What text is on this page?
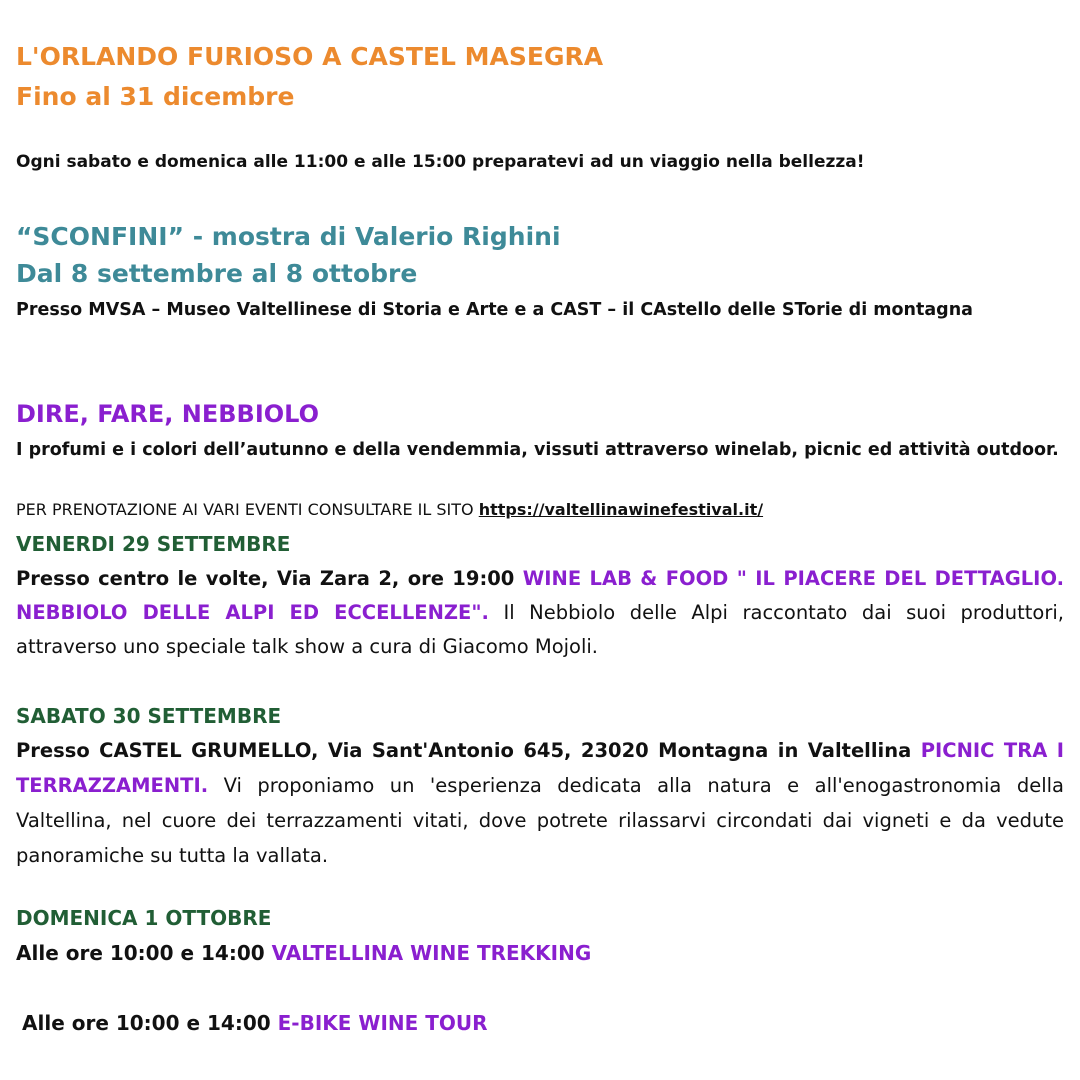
L'ORLANDO FURIOSO A CASTEL MASEGRA
Fino al 31 dicembre
Ogni sabato e domenica alle 11:00 e alle 15:00 preparatevi ad un viaggio nella bellezza!
“SCONFINI” - mostra di Valerio Righini
Dal 8 settembre al 8 ottobre
Presso MVSA – Museo Valtellinese di Storia e Arte e a CAST – il CAstello delle STorie di montagna
DIRE, FARE, NEBBIOLO
I profumi e i colori dell’autunno e della vendemmia, vissuti attraverso winelab, picnic ed attività outdoor.
PER PRENOTAZIONE AI VARI EVENTI CONSULTARE IL SITO https://valtellinawinefestival.it/
VENERDI 29 SETTEMBRE
Presso centro le volte, Via Zara 2, ore 19:00 WINE LAB & FOOD " IL PIACERE DEL DETTAGLIO. NEBBIOLO DELLE ALPI ED ECCELLENZE". Il Nebbiolo delle Alpi raccontato dai suoi produttori, attraverso uno speciale talk show a cura di Giacomo Mojoli.
SABATO 30 SETTEMBRE
Presso CASTEL GRUMELLO, Via Sant'Antonio 645, 23020 Montagna in Valtellina PICNIC TRA I TERRAZZAMENTI. Vi proponiamo un 'esperienza dedicata alla natura e all'enogastronomia della Valtellina, nel cuore dei terrazzamenti vitati, dove potrete rilassarvi circondati dai vigneti e da vedute panoramiche su tutta la vallata.
DOMENICA 1 OTTOBRE
Alle ore 10:00 e 14:00 VALTELLINA WINE TREKKING
Alle ore 10:00 e 14:00 E-BIKE WINE TOUR
